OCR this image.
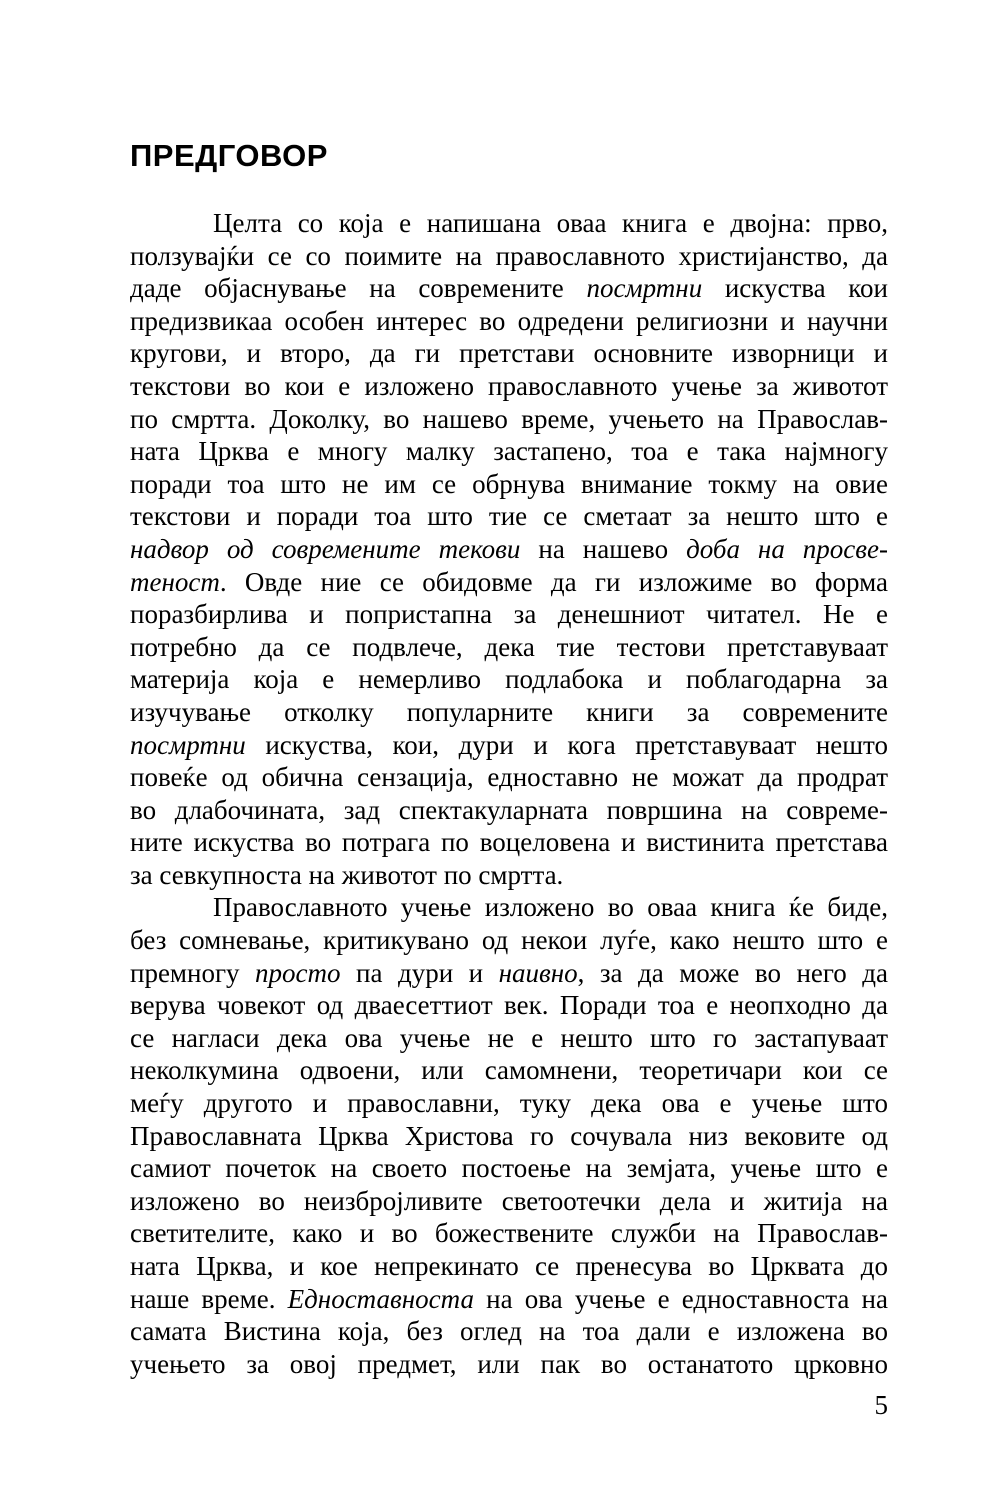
ПРЕДГОВОР
Целта со која е напишана оваа книга е двојна: прво,
ползувајќи се со поимите на православното христијанство, да
даде објаснување на современите посмртни искуства кои
предизвикаа особен интерес во одредени религиозни и научни
кругови, и второ, да ги претстави основните изворници и
текстови во кои е изложено православното учење за животот
по смртта. Доколку, во нашево време, учењето на Православ-
ната Црква е многу малку застапено, тоа е така најмногу
поради тоа што не им се обрнува внимание токму на овие
текстови и поради тоа што тие се сметаат за нешто што е
надвор од современите текови на нашево доба на просве-
теност. Овде ние се обидовме да ги изложиме во форма
поразбирлива и попристапна за денешниот читател. Не е
потребно да се подвлече, дека тие тестови претставуваат
материја која е немерливо подлабока и поблагодарна за
изучување отколку популарните книги за современите
посмртни искуства, кои, дури и кога претставуваат нешто
повеќе од обична сензација, едноставно не можат да продрат
во длабочината, зад спектакуларната површина на совреме-
ните искуства во потрага по воцеловена и вистинита претстава
за севкупноста на животот по смртта.
Православното учење изложено во оваа книга ќе биде,
без сомневање, критикувано од некои луѓе, како нешто што е
премногу просто па дури и наивно, за да може во него да
верува човекот од дваесеттиот век. Поради тоа е неопходно да
се нагласи дека ова учење не е нешто што го застапуваат
неколкумина одвоени, или самомнени, теоретичари кои се
меѓу другото и православни, туку дека ова е учење што
Православната Црква Христова го сочувала низ вековите од
самиот почеток на своето постоење на земјата, учење што е
изложено во неизбројливите светоотечки дела и житија на
светителите, како и во божествените служби на Православ-
ната Црква, и кое непрекинато се пренесува во Црквата до
наше време. Едноставноста на ова учење е едноставноста на
самата Вистина која, без оглед на тоа дали е изложена во
учењето за овој предмет, или пак во останатото црковно
5
